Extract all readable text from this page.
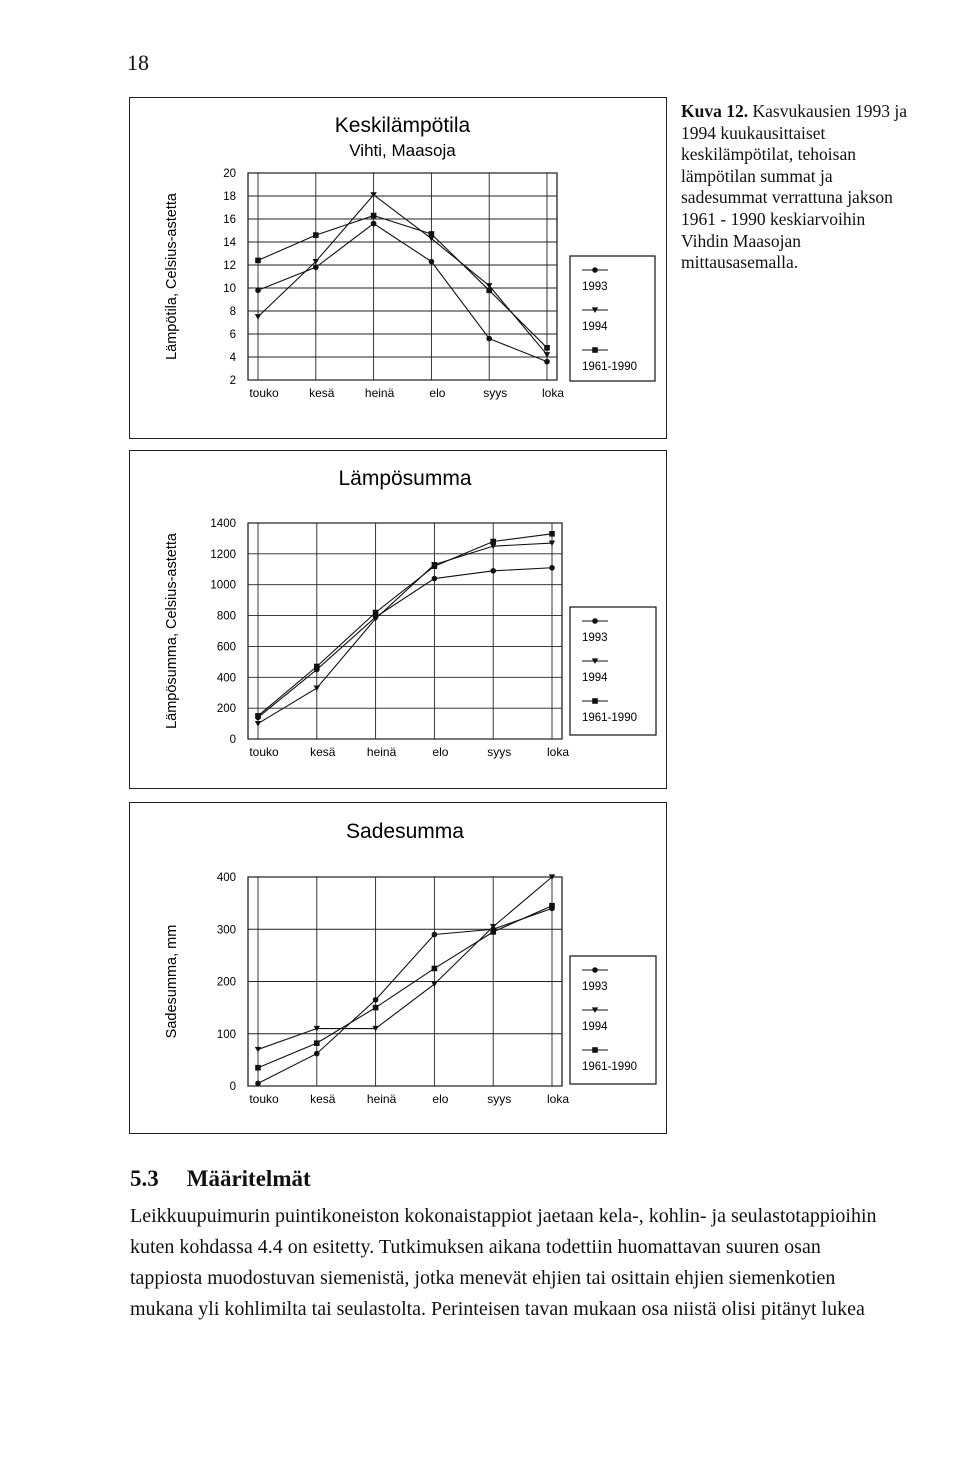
18
Keskilämpötila
Vihti, Maasoja
2
4
6
8
10
12
14
16
18
20
touko	kesä	heinä	elo	syys	loka
Lämpötila, Celsius-astetta	1993
1994
1961-1990
Lämpösumma
0
200
400
600
800
1000
1200
1400
touko	kesä	heinä	elo	syys	loka
Lämpösumma, Celsius-astetta	1993
1994
1961-1990
Sadesumma
0
100
200
300
400
touko	kesä	heinä	elo	syys	loka
Sadesumma, mm	1993
1994
1961-1990
Kuva 12. Kasvukausien 1993 ja 1994 kuukausittaiset keskilämpötilat, tehoisan lämpötilan summat ja sadesummat verrattuna jakson 1961 - 1990 keskiarvoihin Vihdin Maasojan mittausasemalla.
5.3 Määritelmät
Leikkuupuimurin puintikoneiston kokonaistappiot jaetaan kela-, kohlin- ja seulastotappioihin
kuten kohdassa 4.4 on esitetty. Tutkimuksen aikana todettiin huomattavan suuren osan
tappiosta muodostuvan siemenistä, jotka menevät ehjien tai osittain ehjien siemenkotien
mukana yli kohlimilta tai seulastolta. Perinteisen tavan mukaan osa niistä olisi pitänyt lukea
